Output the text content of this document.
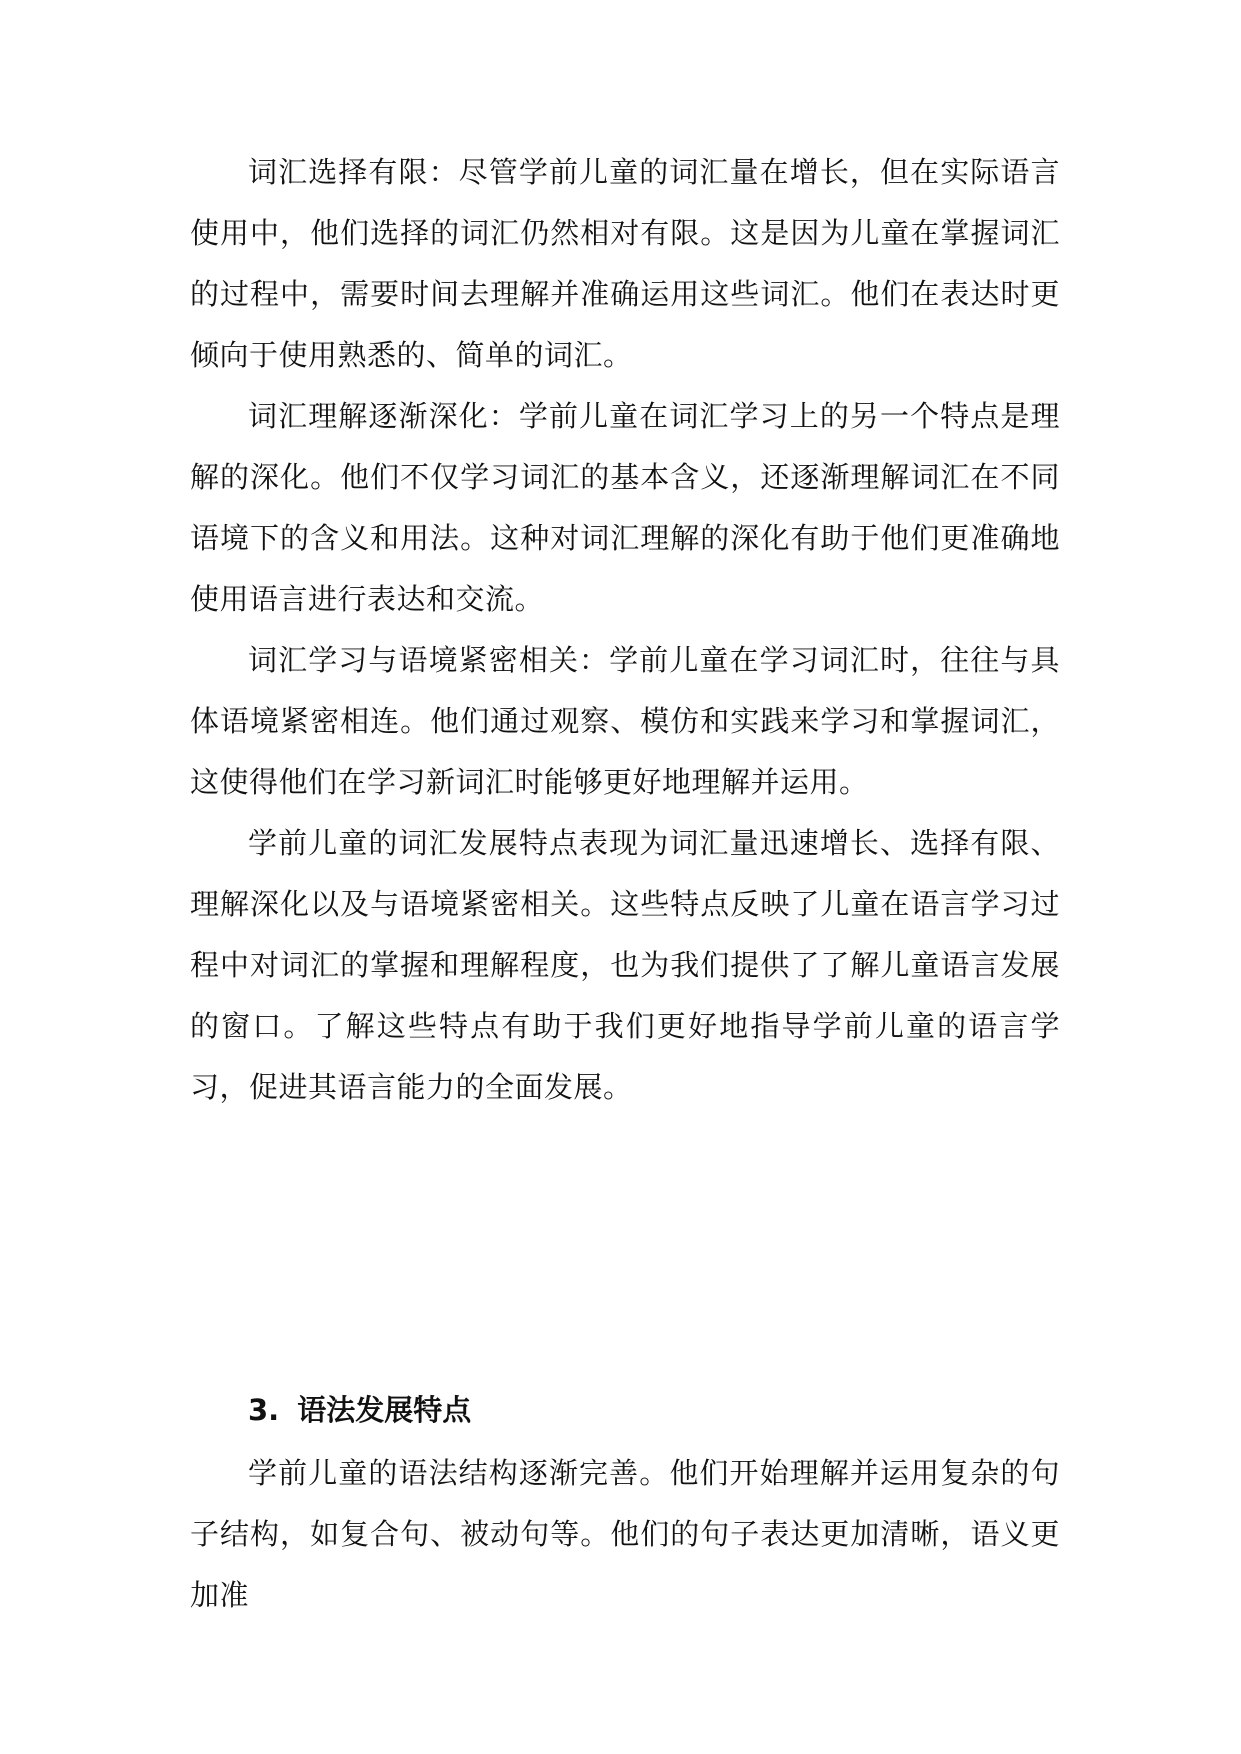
词汇选择有限：尽管学前儿童的词汇量在增长，但在实际语言使用中，他们选择的词汇仍然相对有限。这是因为儿童在掌握词汇的过程中，需要时间去理解并准确运用这些词汇。他们在表达时更倾向于使用熟悉的、简单的词汇。

词汇理解逐渐深化：学前儿童在词汇学习上的另一个特点是理解的深化。他们不仅学习词汇的基本含义，还逐渐理解词汇在不同语境下的含义和用法。这种对词汇理解的深化有助于他们更准确地使用语言进行表达和交流。

词汇学习与语境紧密相关：学前儿童在学习词汇时，往往与具体语境紧密相连。他们通过观察、模仿和实践来学习和掌握词汇，这使得他们在学习新词汇时能够更好地理解并运用。

学前儿童的词汇发展特点表现为词汇量迅速增长、选择有限、理解深化以及与语境紧密相关。这些特点反映了儿童在语言学习过程中对词汇的掌握和理解程度，也为我们提供了了解儿童语言发展的窗口。了解这些特点有助于我们更好地指导学前儿童的语言学习，促进其语言能力的全面发展。

3. 语法发展特点

学前儿童的语法结构逐渐完善。他们开始理解并运用复杂的句子结构，如复合句、被动句等。他们的句子表达更加清晰，语义更加准
